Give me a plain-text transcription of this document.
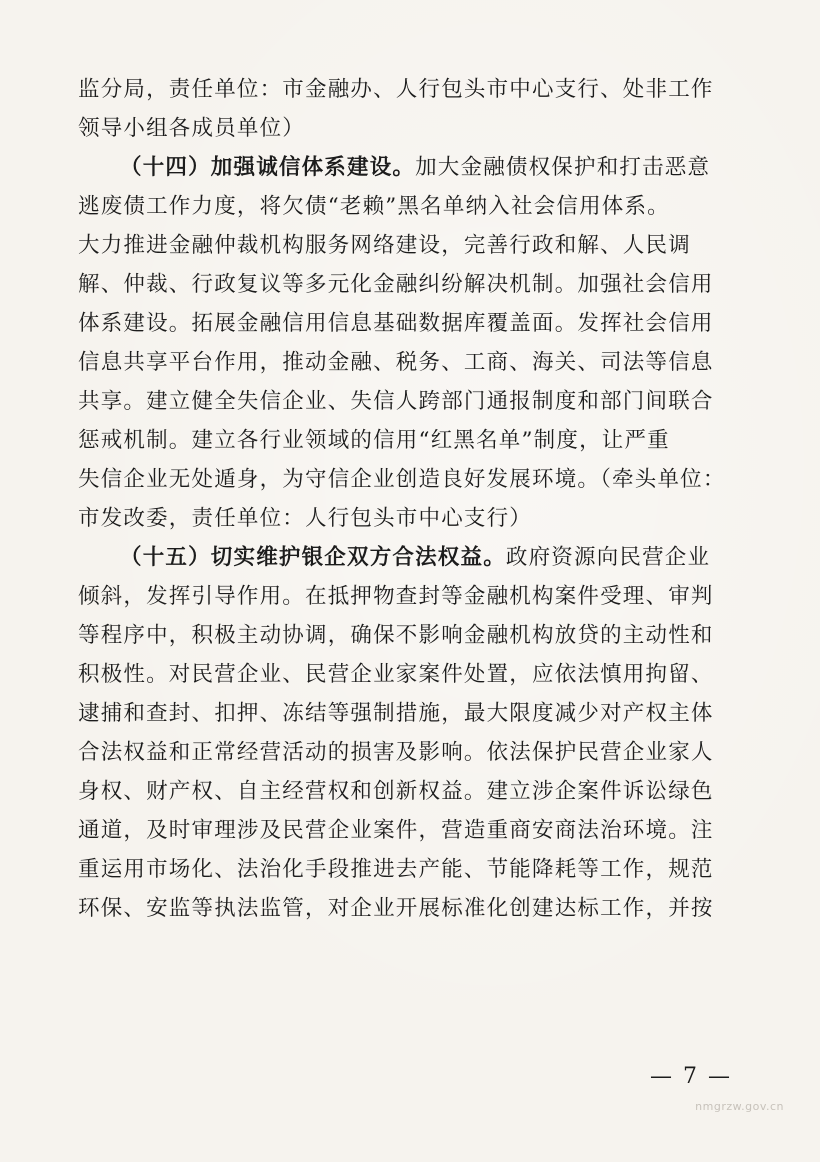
监分局，责任单位：市金融办、人行包头市中心支行、处非工作
领导小组各成员单位）
（十四）加强诚信体系建设。加大金融债权保护和打击恶意
逃废债工作力度，将欠债“老赖”黑名单纳入社会信用体系。
大力推进金融仲裁机构服务网络建设，完善行政和解、人民调
解、仲裁、行政复议等多元化金融纠纷解决机制。加强社会信用
体系建设。拓展金融信用信息基础数据库覆盖面。发挥社会信用
信息共享平台作用，推动金融、税务、工商、海关、司法等信息
共享。建立健全失信企业、失信人跨部门通报制度和部门间联合
惩戒机制。建立各行业领域的信用“红黑名单”制度，让严重
失信企业无处遁身，为守信企业创造良好发展环境。（牵头单位：
市发改委，责任单位：人行包头市中心支行）
（十五）切实维护银企双方合法权益。政府资源向民营企业
倾斜，发挥引导作用。在抵押物查封等金融机构案件受理、审判
等程序中，积极主动协调，确保不影响金融机构放贷的主动性和
积极性。对民营企业、民营企业家案件处置，应依法慎用拘留、
逮捕和查封、扣押、冻结等强制措施，最大限度减少对产权主体
合法权益和正常经营活动的损害及影响。依法保护民营企业家人
身权、财产权、自主经营权和创新权益。建立涉企案件诉讼绿色
通道，及时审理涉及民营企业案件，营造重商安商法治环境。注
重运用市场化、法治化手段推进去产能、节能降耗等工作，规范
环保、安监等执法监管，对企业开展标准化创建达标工作，并按
— 7 —
nmgrzw.gov.cn
